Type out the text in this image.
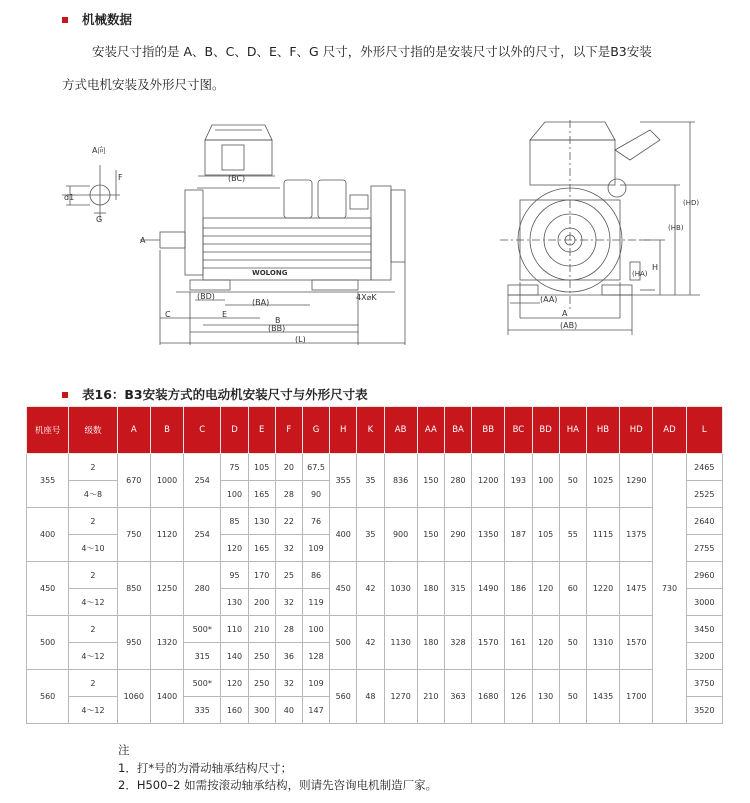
机械数据
安装尺寸指的是 A、B、C、D、E、F、G 尺寸，外形尺寸指的是安装尺寸以外的尺寸，以下是B3安装
方式电机安装及外形尺寸图。
A向
d1
G
F	(BC)
A
(BD)
(BA)
4X⌀K
C	E
B
(BB)
(L)
WOLONG
(AA)
A
(AB)
H
(HA)
(HB)
(HD)
表16：B3安装方式的电动机安装尺寸与外形尺寸表
机座号	级数	A	B	C	D	E	F	G	H	K	AB	AA	BA	BB	BC	BD	HA	HB	HD	AD	L
355	2	670	1000	254	75	105	20	67.5	355	35	836	150	280	1200	193	100	50	1025	1290	730	2465
	4～8				100	165	28	90													2525
400	2	750	1120	254	85	130	22	76	400	35	900	150	290	1350	187	105	55	1115	1375		2640
	4～10				120	165	32	109													2755
450	2	850	1250	280	95	170	25	86	450	42	1030	180	315	1490	186	120	60	1220	1475		2960
	4～12				130	200	32	119													3000
500	2	950	1320	500*	110	210	28	100	500	42	1130	180	328	1570	161	120	50	1310	1570		3450
	4～12			315	140	250	36	128													3200
560	2	1060	1400	500*	120	250	32	109	560	48	1270	210	363	1680	126	130	50	1435	1700		3750
	4～12			335	160	300	40	147													3520
注
1．打*号的为滑动轴承结构尺寸；
2．H500–2 如需按滚动轴承结构，则请先咨询电机制造厂家。
